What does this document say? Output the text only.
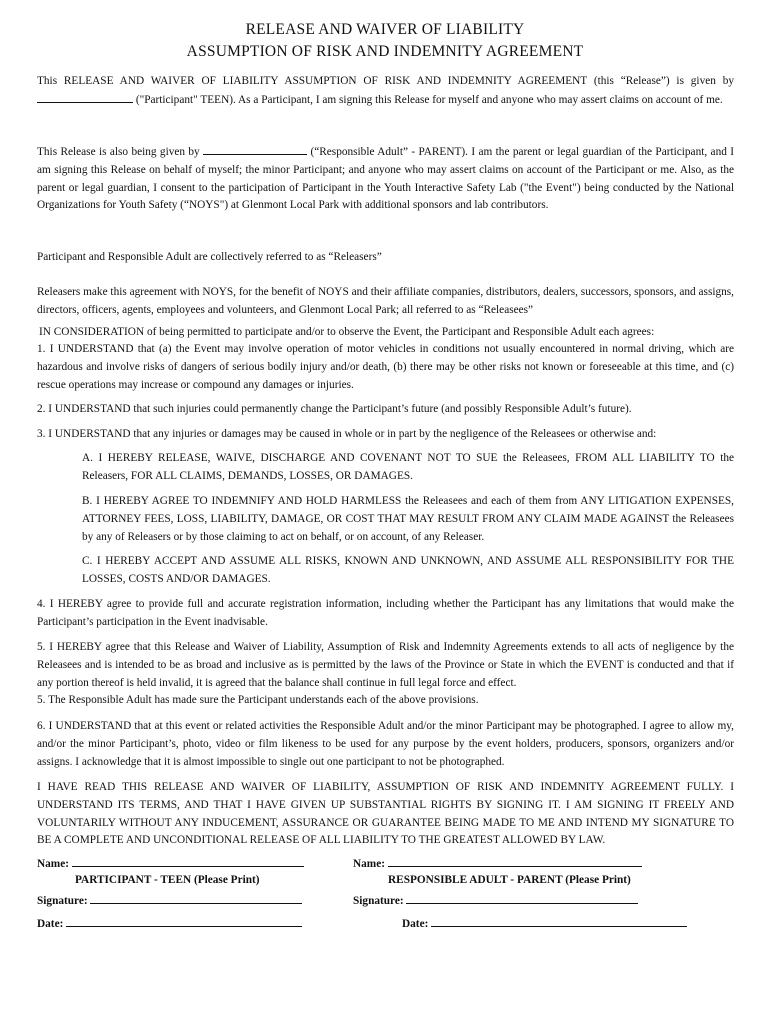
RELEASE AND WAIVER OF LIABILITY
ASSUMPTION OF RISK AND INDEMNITY AGREEMENT

This RELEASE AND WAIVER OF LIABILITY ASSUMPTION OF RISK AND INDEMNITY AGREEMENT (this “Release”) is given by  ("Participant" TEEN). As a Participant, I am signing this Release for myself and anyone who may assert claims on account of me.

This Release is also being given by	(“Responsible Adult” - PARENT). I am the parent or legal guardian of the Participant, and I am signing this Release on behalf of myself; the minor Participant; and anyone who may assert claims on account of the Participant or me. Also, as the parent or legal guardian, I consent to the participation of Participant in the Youth Interactive Safety Lab ("the Event") being conducted by the National Organizations for Youth Safety (“NOYS") at Glenmont Local Park with additional sponsors and lab contributors.

Participant and Responsible Adult are collectively referred to as “Releasers”

Releasers make this agreement with NOYS, for the benefit of NOYS and their affiliate companies, distributors, dealers, successors, sponsors, and assigns, directors, officers, agents, employees and volunteers, and Glenmont Local Park; all referred to as “Releasees”

IN CONSIDERATION of being permitted to participate and/or to observe the Event, the Participant and Responsible Adult each agrees:

1. I UNDERSTAND that (a) the Event may involve operation of motor vehicles in conditions not usually encountered in normal driving, which are hazardous and involve risks of dangers of serious bodily injury and/or death, (b) there may be other risks not known or foreseeable at this time, and (c) rescue operations may increase or compound any damages or injuries.

2. I UNDERSTAND that such injuries could permanently change the Participant’s future (and possibly Responsible Adult’s future).

3. I UNDERSTAND that any injuries or damages may be caused in whole or in part by the negligence of the Releasees or otherwise and:

A. I HEREBY RELEASE, WAIVE, DISCHARGE AND COVENANT NOT TO SUE the Releasees, FROM ALL LIABILITY TO the Releasers, FOR ALL CLAIMS, DEMANDS, LOSSES, OR DAMAGES.

B. I HEREBY AGREE TO INDEMNIFY AND HOLD HARMLESS the Releasees and each of them from ANY LITIGATION EXPENSES, ATTORNEY FEES, LOSS, LIABILITY, DAMAGE, OR COST THAT MAY RESULT FROM ANY CLAIM MADE AGAINST the Releasees by any of Releasers or by those claiming to act on behalf, or on account, of any Releaser.

C. I HEREBY ACCEPT AND ASSUME ALL RISKS, KNOWN AND UNKNOWN, AND ASSUME ALL RESPONSIBILITY FOR THE LOSSES, COSTS AND/OR DAMAGES.

4. I HEREBY agree to provide full and accurate registration information, including whether the Participant has any limitations that would make the Participant’s participation in the Event inadvisable.

5. I HEREBY agree that this Release and Waiver of Liability, Assumption of Risk and Indemnity Agreements extends to all acts of negligence by the Releasees and is intended to be as broad and inclusive as is permitted by the laws of the Province or State in which the EVENT is conducted and that if any portion thereof is held invalid, it is agreed that the balance shall continue in full legal force and effect.

5. The Responsible Adult has made sure the Participant understands each of the above provisions.

6. I UNDERSTAND that at this event or related activities the Responsible Adult and/or the minor Participant may be photographed. I agree to allow my, and/or the minor Participant’s, photo, video or film likeness to be used for any purpose by the event holders, producers, sponsors, organizers and/or assigns. I acknowledge that it is almost impossible to single out one participant to not be photographed.

I HAVE READ THIS RELEASE AND WAIVER OF LIABILITY, ASSUMPTION OF RISK AND INDEMNITY AGREEMENT FULLY. I UNDERSTAND ITS TERMS, AND THAT I HAVE GIVEN UP SUBSTANTIAL RIGHTS BY SIGNING IT. I AM SIGNING IT FREELY AND VOLUNTARILY WITHOUT ANY INDUCEMENT, ASSURANCE OR GUARANTEE BEING MADE TO ME AND INTEND MY SIGNATURE TO BE A COMPLETE AND UNCONDITIONAL RELEASE OF ALL LIABILITY TO THE GREATEST ALLOWED BY LAW.

Name:
PARTICIPANT - TEEN (Please Print)
Signature:
Date:
Name:
RESPONSIBLE ADULT - PARENT (Please Print)
Signature:
Date:
